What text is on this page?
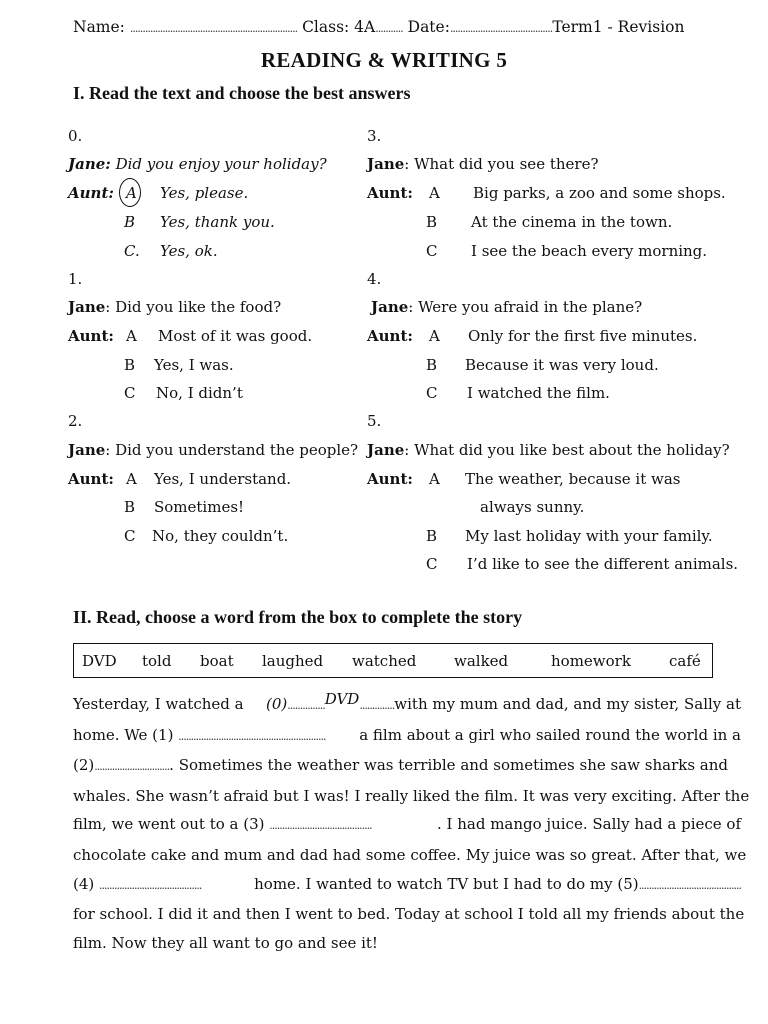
Name: ................................................................... Class: 4A........... Date:.........................................Term1 - Revision
READING & WRITING 5
I. Read the text and choose the best answers
0.
Jane: Did you enjoy your holiday?
Aunt: A Yes, please.
B Yes, thank you.
C. Yes, ok.
1.
Jane: Did you like the food?
Aunt: A Most of it was good.
B Yes, I was.
C No, I didn’t
2.
Jane: Did you understand the people?
Aunt: A Yes, I understand.
B Sometimes!
C No, they couldn’t.
3.
Jane: What did you see there?
Aunt: A Big parks, a zoo and some shops.
B At the cinema in the town.
C I see the beach every morning.
4.
Jane: Were you afraid in the plane?
Aunt: A Only for the first five minutes.
B Because it was very loud.
C I watched the film.
5.
Jane: What did you like best about the holiday?
Aunt: A The weather, because it was
always sunny.
B My last holiday with your family.
C I’d like to see the different animals.
II. Read, choose a word from the box to complete the story
DVD told boat laughed watched	walked	homework	café
Yesterday, I watched a (0)...............DVD..............with my mum and dad, and my sister, Sally at
home. We (1) ........................................................... a film about a girl who sailed round the world in a
(2)............................... Sometimes the weather was terrible and sometimes she saw sharks and
whales. She wasn’t afraid but I was! I really liked the film. It was very exciting. After the
film, we went out to a (3) .........................................	. I had mango juice. Sally had a piece of
chocolate cake and mum and dad had some coffee. My juice was so great. After that, we
(4) .........................................	home. I wanted to watch TV but I had to do my (5).........................................
for school. I did it and then I went to bed. Today at school I told all my friends about the
film. Now they all want to go and see it!
